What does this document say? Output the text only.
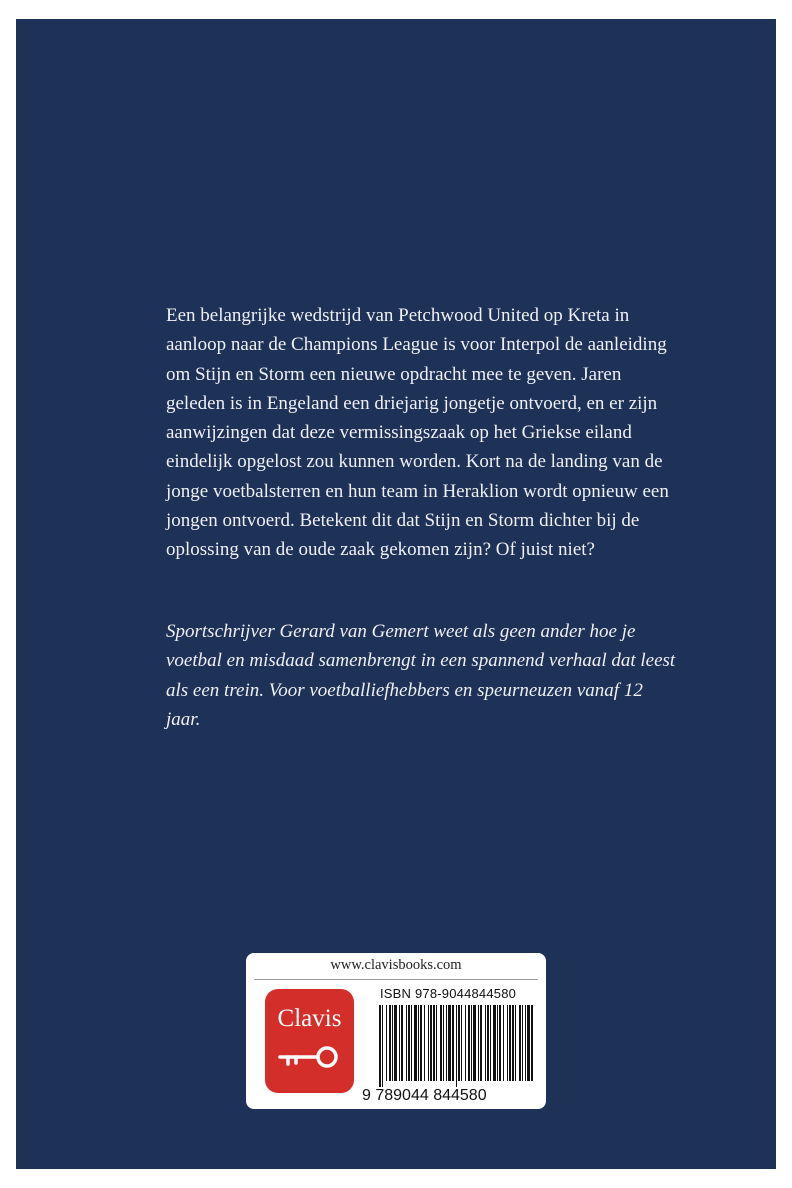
Een belangrijke wedstrijd van Petchwood United op Kreta in aanloop naar de Champions League is voor Interpol de aanleiding om Stijn en Storm een nieuwe opdracht mee te geven. Jaren geleden is in Engeland een driejarig jongetje ontvoerd, en er zijn aanwijzingen dat deze vermissingszaak op het Griekse eiland eindelijk opgelost zou kunnen worden. Kort na de landing van de jonge voetbalsterren en hun team in Heraklion wordt opnieuw een jongen ontvoerd. Betekent dit dat Stijn en Storm dichter bij de oplossing van de oude zaak gekomen zijn? Of juist niet?

Sportschrijver Gerard van Gemert weet als geen ander hoe je voetbal en misdaad samenbrengt in een spannend verhaal dat leest als een trein. Voor voetballiefhebbers en speurneuzen vanaf 12 jaar.

www.clavisbooks.com
Clavis
ISBN 978-9044844580
9 789044 844580
